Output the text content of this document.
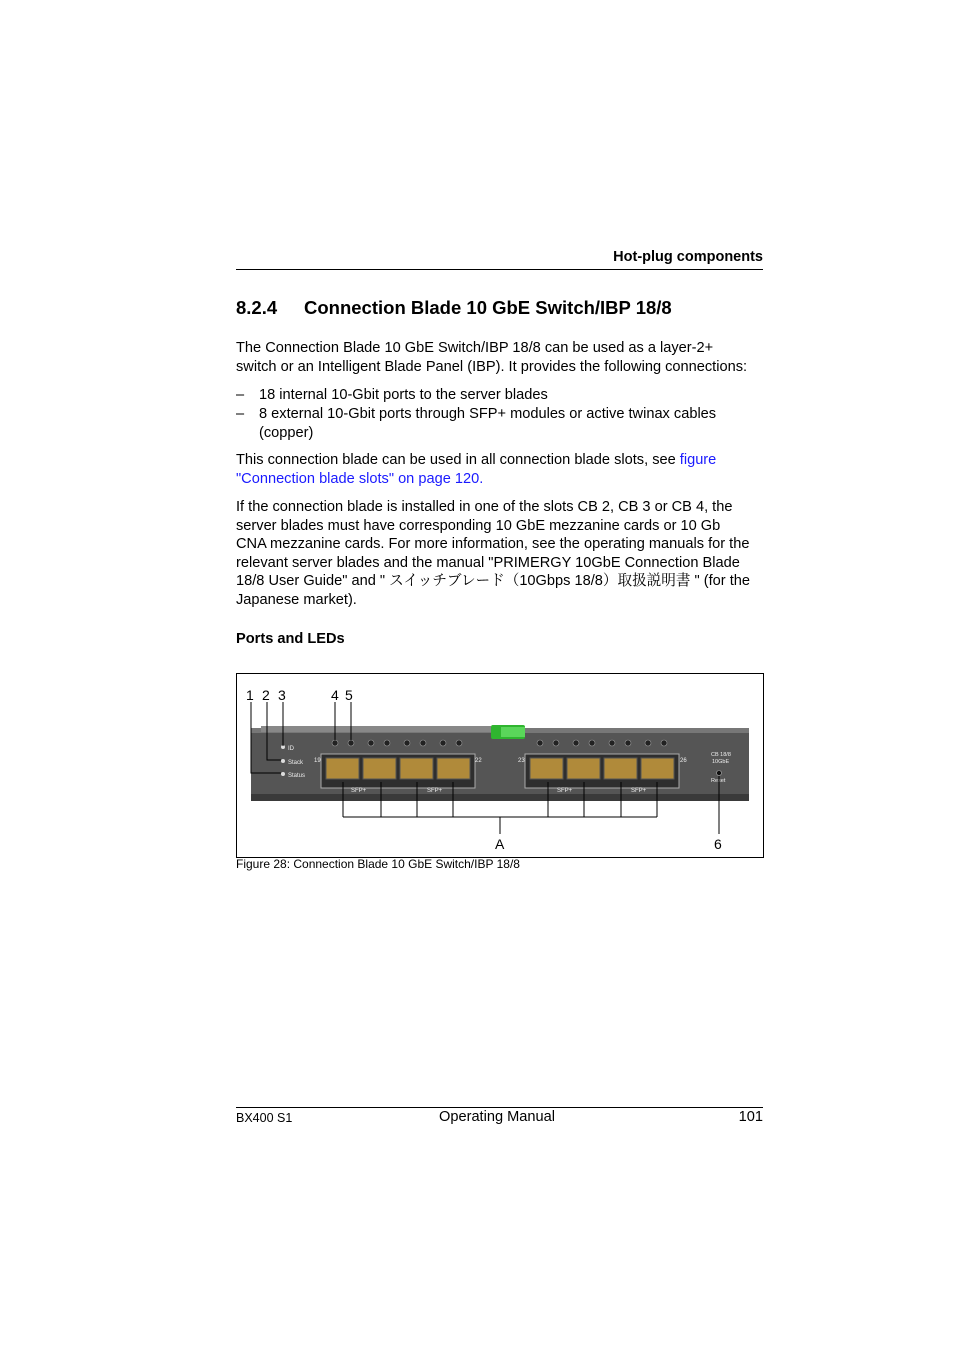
Hot-plug components
8.2.4 Connection Blade 10 GbE Switch/IBP 18/8
The Connection Blade 10 GbE Switch/IBP 18/8 can be used as a layer-2+
switch or an Intelligent Blade Panel (IBP). It provides the following connections:
– 18 internal 10-Gbit ports to the server blades
– 8 external 10-Gbit ports through SFP+ modules or active twinax cables
(copper)
This connection blade can be used in all connection blade slots, see figure
"Connection blade slots" on page 120.
If the connection blade is installed in one of the slots CB 2, CB 3 or CB 4, the
server blades must have corresponding 10 GbE mezzanine cards or 10 Gb
CNA mezzanine cards. For more information, see the operating manuals for the
relevant server blades and the manual "PRIMERGY 10GbE Connection Blade
18/8 User Guide" and " スイッチブレード（10Gbps 18/8）取扱説明書 " (for the
Japanese market).
Ports and LEDs
ID
Stack
Status
19	22
SFP+	SFP+
23	26
SFP+	SFP+
CB 18/8
10GbE
Reset
1 2 3	4 5
A	6
Figure 28: Connection Blade 10 GbE Switch/IBP 18/8
BX400 S1	Operating Manual	101
